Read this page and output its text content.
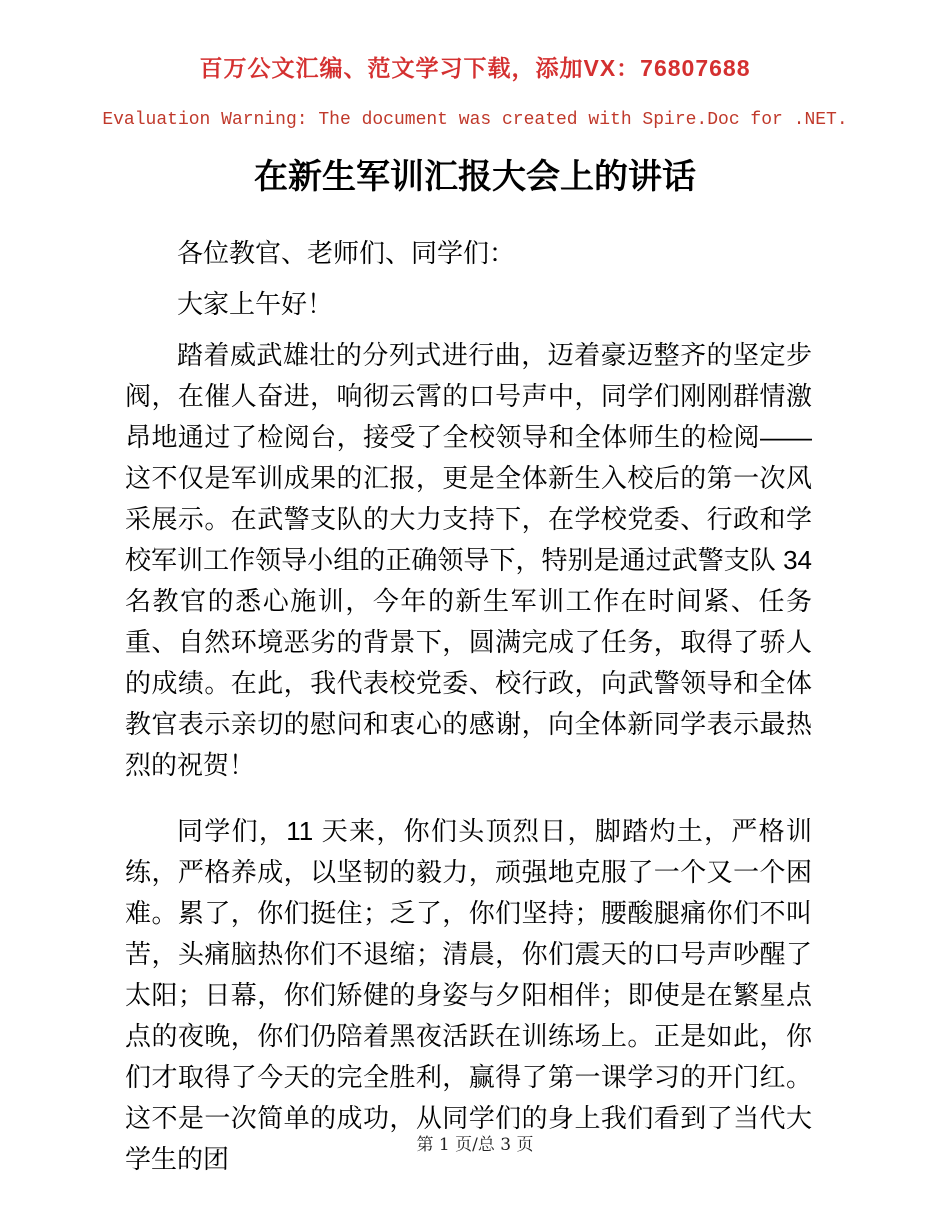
百万公文汇编、范文学习下载，添加VX：76807688
Evaluation Warning: The document was created with Spire.Doc for .NET.
在新生军训汇报大会上的讲话

各位教官、老师们、同学们：

大家上午好！

踏着威武雄壮的分列式进行曲，迈着豪迈整齐的坚定步阀，在催人奋进，响彻云霄的口号声中，同学们刚刚群情激昂地通过了检阅台，接受了全校领导和全体师生的检阅——这不仅是军训成果的汇报，更是全体新生入校后的第一次风采展示。在武警支队的大力支持下，在学校党委、行政和学校军训工作领导小组的正确领导下，特别是通过武警支队 34 名教官的悉心施训，今年的新生军训工作在时间紧、任务重、自然环境恶劣的背景下，圆满完成了任务，取得了骄人的成绩。在此，我代表校党委、校行政，向武警领导和全体教官表示亲切的慰问和衷心的感谢，向全体新同学表示最热烈的祝贺！

同学们，11 天来，你们头顶烈日，脚踏灼土，严格训练，严格养成，以坚韧的毅力，顽强地克服了一个又一个困难。累了，你们挺住；乏了，你们坚持；腰酸腿痛你们不叫苦，头痛脑热你们不退缩；清晨，你们震天的口号声吵醒了太阳；日幕，你们矫健的身姿与夕阳相伴；即使是在繁星点点的夜晚，你们仍陪着黑夜活跃在训练场上。正是如此，你们才取得了今天的完全胜利，赢得了第一课学习的开门红。这不是一次简单的成功，从同学们的身上我们看到了当代大学生的团	第 1 页/总 3 页
